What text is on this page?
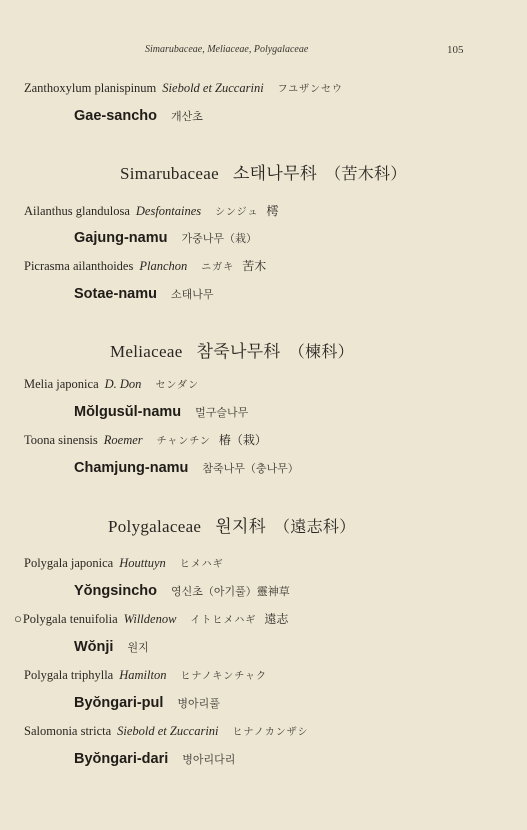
Simarubaceae, Meliaceae, Polygalaceae	105
Zanthoxylum planispinum Siebold et Zuccarini フユザンセウ
Gae-sancho 개산초
Simarubaceae 소태나무科 （苦木科）
Ailanthus glandulosa Desfontaines シンジュ 樗
Gajung-namu 가중나무（栽）
Picrasma ailanthoides Planchon ニガキ 苦木
Sotae-namu 소태나무
Meliaceae 참죽나무科 （楝科）
Melia japonica D. Don センダン
Mŏlgusŭl-namu 멀구슬나무
Toona sinensis Roemer チャンチン 椿（栽）
Chamjung-namu 참죽나무（충나무）
Polygalaceae 원지科 （遠志科）
Polygala japonica Houttuyn ヒメハギ
Yŏngsincho 영신초（아기풀）靈神草
○Polygala tenuifolia Willdenow イトヒメハギ 遠志
Wŏnji 원지
Polygala triphylla Hamilton ヒナノキンチャク
Byŏngari-pul 병아리풀
Salomonia stricta Siebold et Zuccarini ヒナノカンザシ
Byŏngari-dari 병아리다리
